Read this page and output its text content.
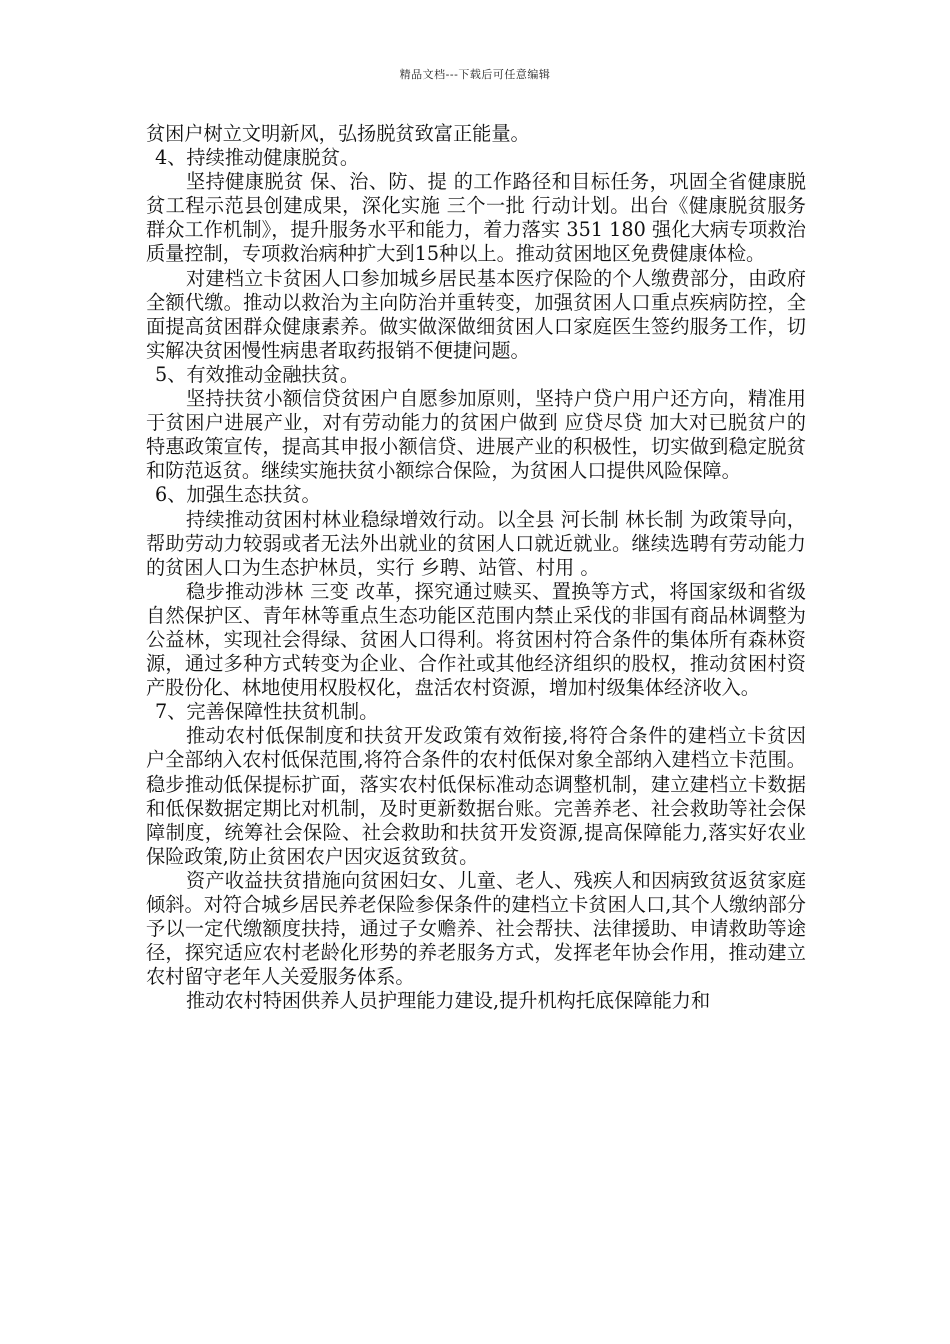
精品文档---下载后可任意编辑

贫困户树立文明新风，弘扬脱贫致富正能量。

4、持续推动健康脱贫。

坚持健康脱贫 保、治、防、提 的工作路径和目标任务，巩固全省健康脱贫工程示范县创建成果，深化实施 三个一批 行动计划。出台《健康脱贫服务群众工作机制》，提升服务水平和能力，着力落实 351 180 强化大病专项救治质量控制，专项救治病种扩大到15种以上。推动贫困地区免费健康体检。

对建档立卡贫困人口参加城乡居民基本医疗保险的个人缴费部分，由政府全额代缴。推动以救治为主向防治并重转变，加强贫困人口重点疾病防控，全面提高贫困群众健康素养。做实做深做细贫困人口家庭医生签约服务工作，切实解决贫困慢性病患者取药报销不便捷问题。

5、有效推动金融扶贫。

坚持扶贫小额信贷贫困户自愿参加原则，坚持户贷户用户还方向，精准用于贫困户进展产业，对有劳动能力的贫困户做到 应贷尽贷 加大对已脱贫户的特惠政策宣传，提高其申报小额信贷、进展产业的积极性，切实做到稳定脱贫和防范返贫。继续实施扶贫小额综合保险，为贫困人口提供风险保障。

6、加强生态扶贫。

持续推动贫困村林业稳绿增效行动。以全县 河长制 林长制 为政策导向，帮助劳动力较弱或者无法外出就业的贫困人口就近就业。继续选聘有劳动能力的贫困人口为生态护林员，实行 乡聘、站管、村用 。

稳步推动涉林 三变 改革，探究通过赎买、置换等方式，将国家级和省级自然保护区、青年林等重点生态功能区范围内禁止采伐的非国有商品林调整为公益林，实现社会得绿、贫困人口得利。将贫困村符合条件的集体所有森林资源，通过多种方式转变为企业、合作社或其他经济组织的股权，推动贫困村资产股份化、林地使用权股权化，盘活农村资源，增加村级集体经济收入。

7、完善保障性扶贫机制。

推动农村低保制度和扶贫开发政策有效衔接,将符合条件的建档立卡贫因户全部纳入农村低保范围,将符合条件的农村低保对象全部纳入建档立卡范围。稳步推动低保提标扩面，落实农村低保标准动态调整机制，建立建档立卡数据和低保数据定期比对机制，及时更新数据台账。完善养老、社会救助等社会保障制度，统筹社会保险、社会救助和扶贫开发资源,提高保障能力,落实好农业保险政策,防止贫困农户因灾返贫致贫。

资产收益扶贫措施向贫困妇女、儿童、老人、残疾人和因病致贫返贫家庭倾斜。对符合城乡居民养老保险参保条件的建档立卡贫困人口,其个人缴纳部分予以一定代缴额度扶持，通过子女赡养、社会帮扶、法律援助、申请救助等途径，探究适应农村老龄化形势的养老服务方式，发挥老年协会作用，推动建立农村留守老年人关爱服务体系。

推动农村特困供养人员护理能力建设,提升机构托底保障能力和
